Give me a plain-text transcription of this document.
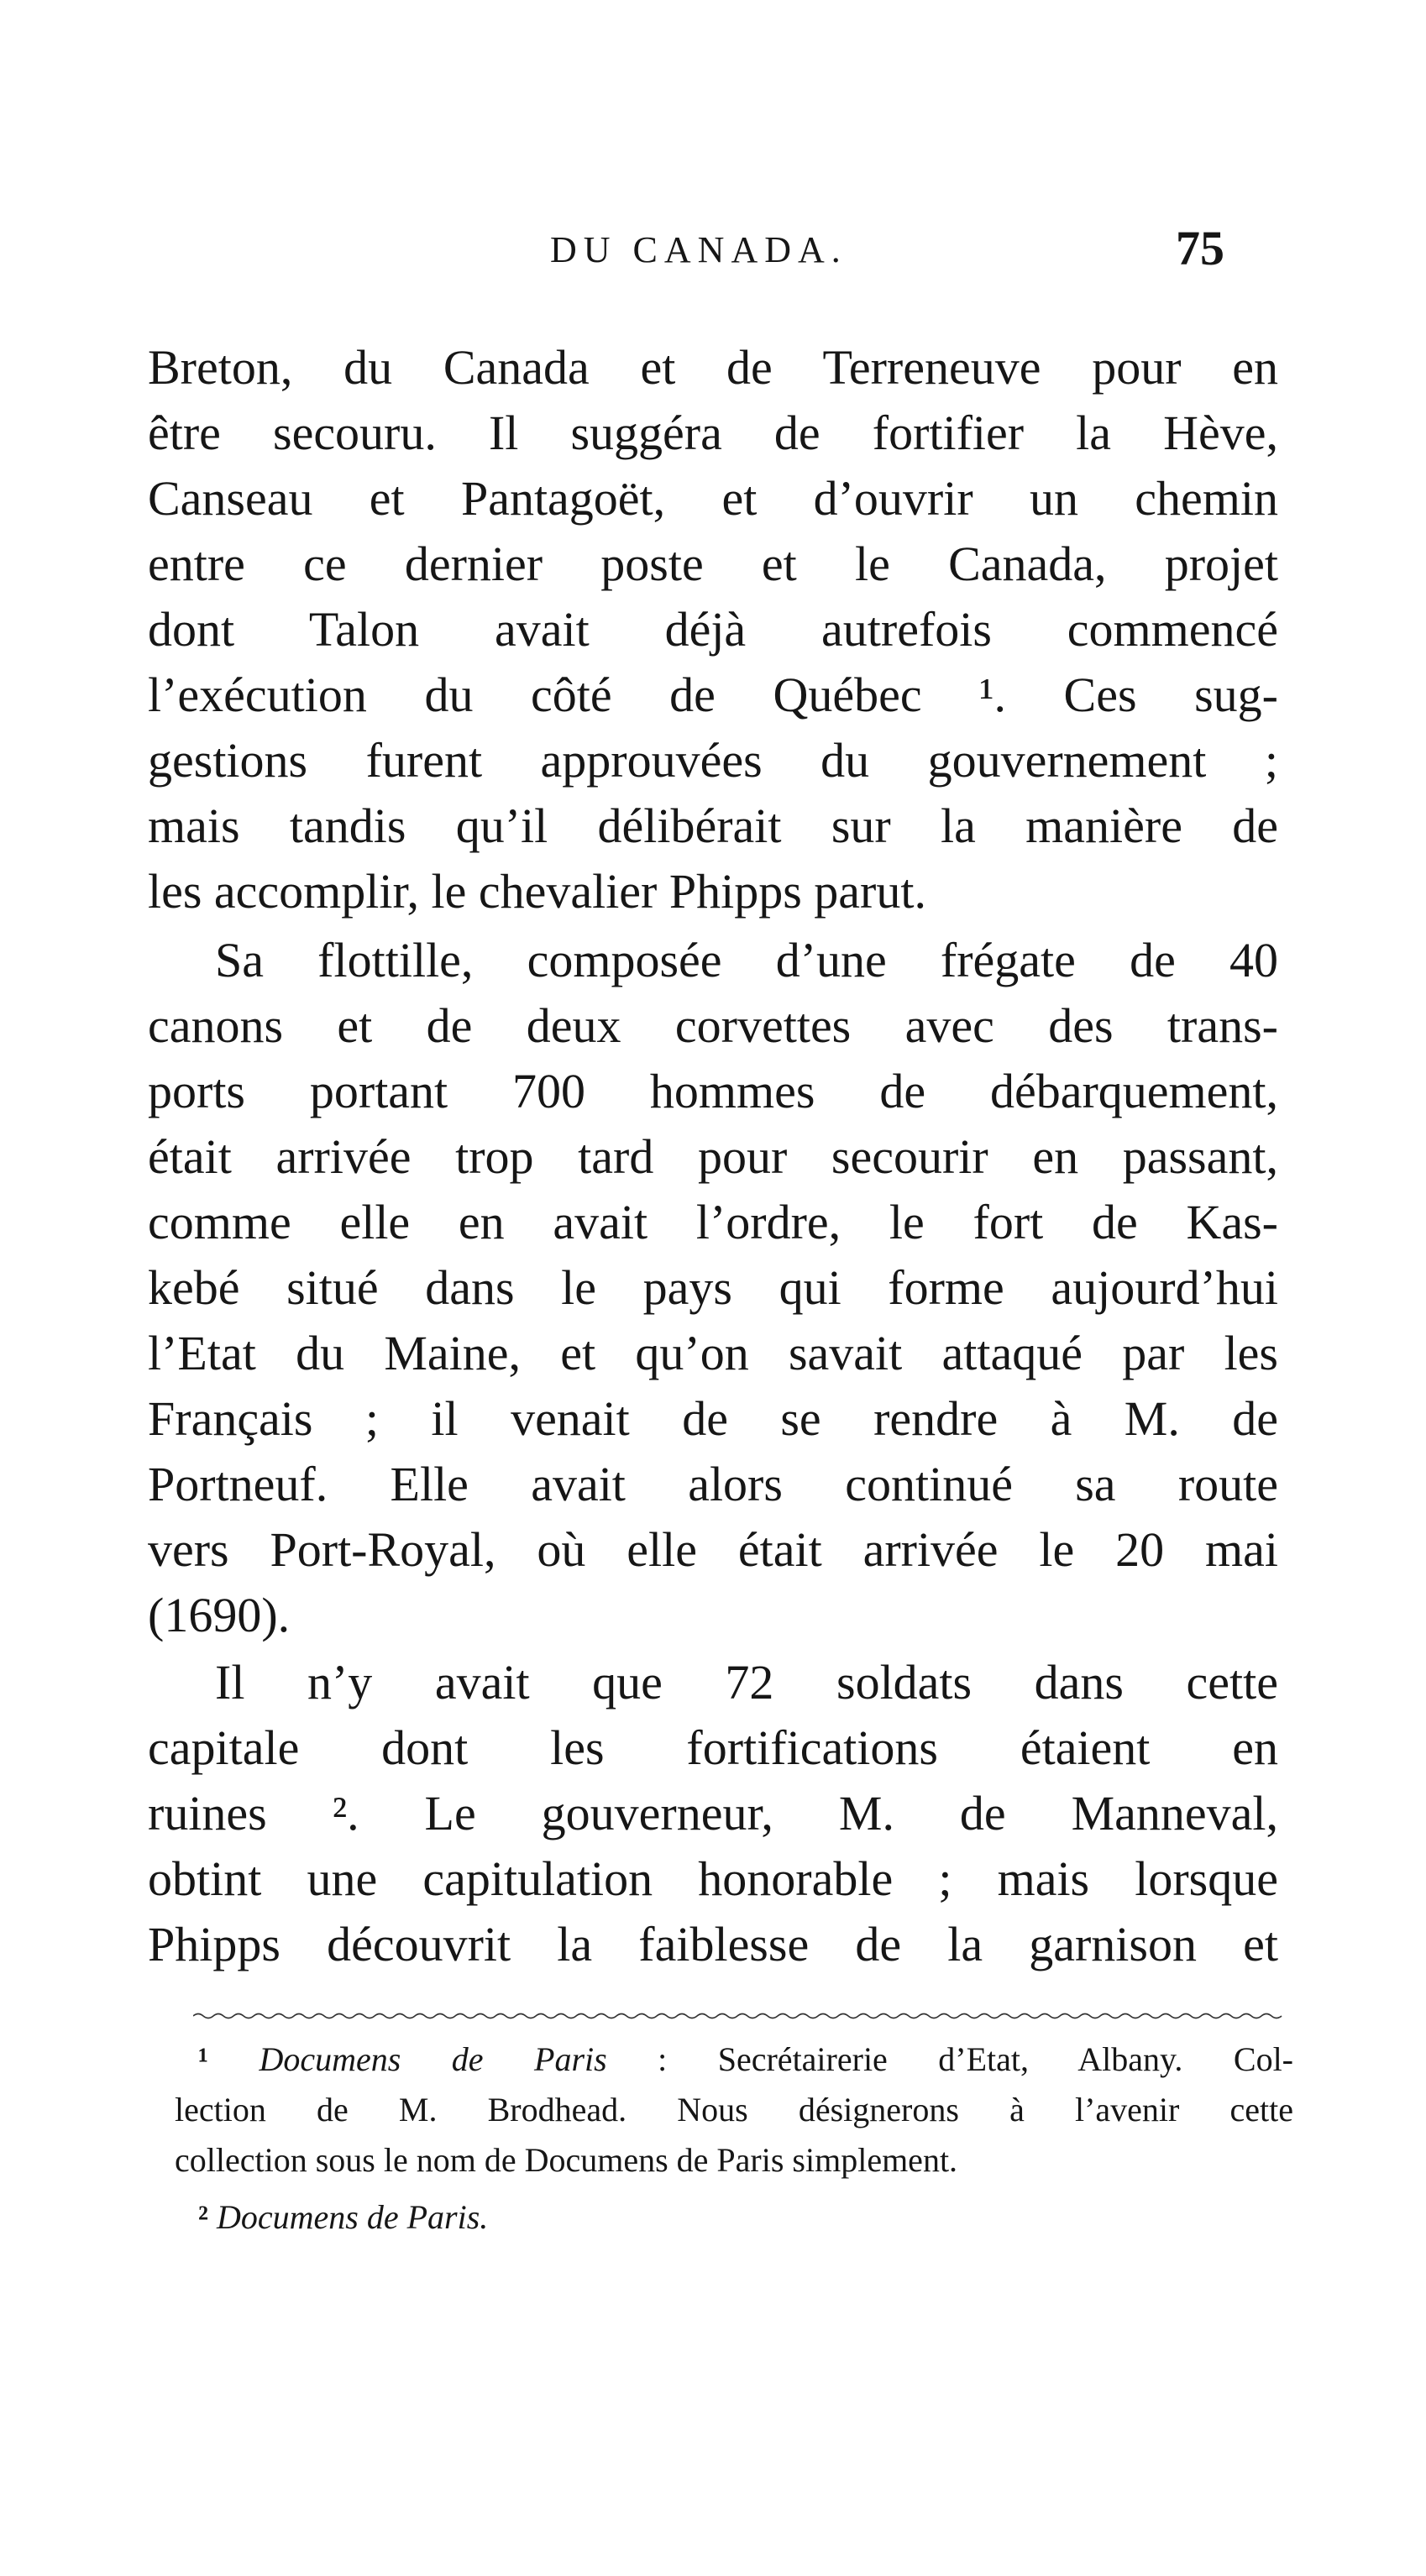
DU CANADA.	75
Breton, du Canada et de Terreneuve pour en
être secouru. Il suggéra de fortifier la Hève,
Canseau et Pantagoët, et d’ouvrir un chemin
entre ce dernier poste et le Canada, projet
dont Talon avait déjà autrefois commencé
l’exécution du côté de Québec ¹. Ces sug-
gestions furent approuvées du gouvernement ;
mais tandis qu’il délibérait sur la manière de
les accomplir, le chevalier Phipps parut.
Sa flottille, composée d’une frégate de 40
canons et de deux corvettes avec des trans-
ports portant 700 hommes de débarquement,
était arrivée trop tard pour secourir en passant,
comme elle en avait l’ordre, le fort de Kas-
kebé situé dans le pays qui forme aujourd’hui
l’Etat du Maine, et qu’on savait attaqué par les
Français ; il venait de se rendre à M. de
Portneuf. Elle avait alors continué sa route
vers Port-Royal, où elle était arrivée le 20 mai
(1690).
Il n’y avait que 72 soldats dans cette
capitale dont les fortifications étaient en
ruines ². Le gouverneur, M. de Manneval,
obtint une capitulation honorable ; mais lorsque
Phipps découvrit la faiblesse de la garnison et
¹ Documens de Paris : Secrétairerie d’Etat, Albany. Col-
lection de M. Brodhead. Nous désignerons à l’avenir cette
collection sous le nom de Documens de Paris simplement.
² Documens de Paris.
